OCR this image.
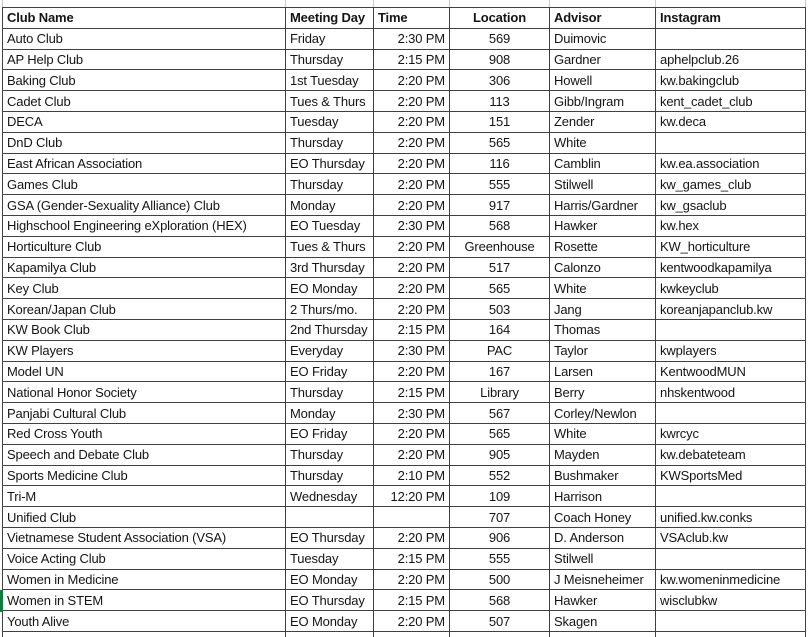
Club Name	Meeting Day	Time	Location	Advisor	Instagram
Auto Club	Friday	2:30 PM	569	Duimovic	
AP Help Club	Thursday	2:15 PM	908	Gardner	aphelpclub.26
Baking Club	1st Tuesday	2:20 PM	306	Howell	kw.bakingclub
Cadet Club	Tues & Thurs	2:20 PM	113	Gibb/Ingram	kent_cadet_club
DECA	Tuesday	2:20 PM	151	Zender	kw.deca
DnD Club	Thursday	2:20 PM	565	White	
East African Association	EO Thursday	2:20 PM	116	Camblin	kw.ea.association
Games Club	Thursday	2:20 PM	555	Stilwell	kw_games_club
GSA (Gender-Sexuality Alliance) Club	Monday	2:20 PM	917	Harris/Gardner	kw_gsaclub
Highschool Engineering eXploration (HEX)	EO Tuesday	2:30 PM	568	Hawker	kw.hex
Horticulture Club	Tues & Thurs	2:20 PM	Greenhouse	Rosette	KW_horticulture
Kapamilya Club	3rd Thursday	2:20 PM	517	Calonzo	kentwoodkapamilya
Key Club	EO Monday	2:20 PM	565	White	kwkeyclub
Korean/Japan Club	2 Thurs/mo.	2:20 PM	503	Jang	koreanjapanclub.kw
KW Book Club	2nd Thursday	2:15 PM	164	Thomas	
KW Players	Everyday	2:30 PM	PAC	Taylor	kwplayers
Model UN	EO Friday	2:20 PM	167	Larsen	KentwoodMUN
National Honor Society	Thursday	2:15 PM	Library	Berry	nhskentwood
Panjabi Cultural Club	Monday	2:30 PM	567	Corley/Newlon	
Red Cross Youth	EO Friday	2:20 PM	565	White	kwrcyc
Speech and Debate Club	Thursday	2:20 PM	905	Mayden	kw.debateteam
Sports Medicine Club	Thursday	2:10 PM	552	Bushmaker	KWSportsMed
Tri-M	Wednesday	12:20 PM	109	Harrison	
Unified Club			707	Coach Honey	unified.kw.conks
Vietnamese Student Association (VSA)	EO Thursday	2:20 PM	906	D. Anderson	VSAclub.kw
Voice Acting Club	Tuesday	2:15 PM	555	Stilwell	
Women in Medicine	EO Monday	2:20 PM	500	J Meisneheimer	kw.womeninmedicine
Women in STEM	EO Thursday	2:15 PM	568	Hawker	wisclubkw
Youth Alive	EO Monday	2:20 PM	507	Skagen	
